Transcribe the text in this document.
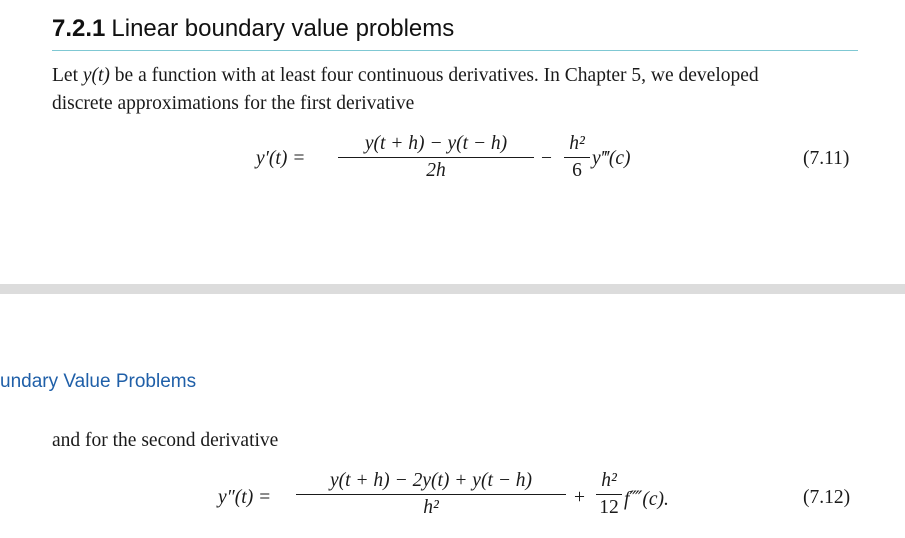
7.2.1 Linear boundary value problems
Let y(t) be a function with at least four continuous derivatives. In Chapter 5, we developed
discrete approximations for the first derivative
y′(t) =
y(t + h) − y(t − h)
2h
−
h²
6
y‴(c)	(7.11)
undary Value Problems
and for the second derivative
y″(t) =
y(t + h) − 2y(t) + y(t − h)
h²	+
h²
12 f⁗(c).	(7.12)
